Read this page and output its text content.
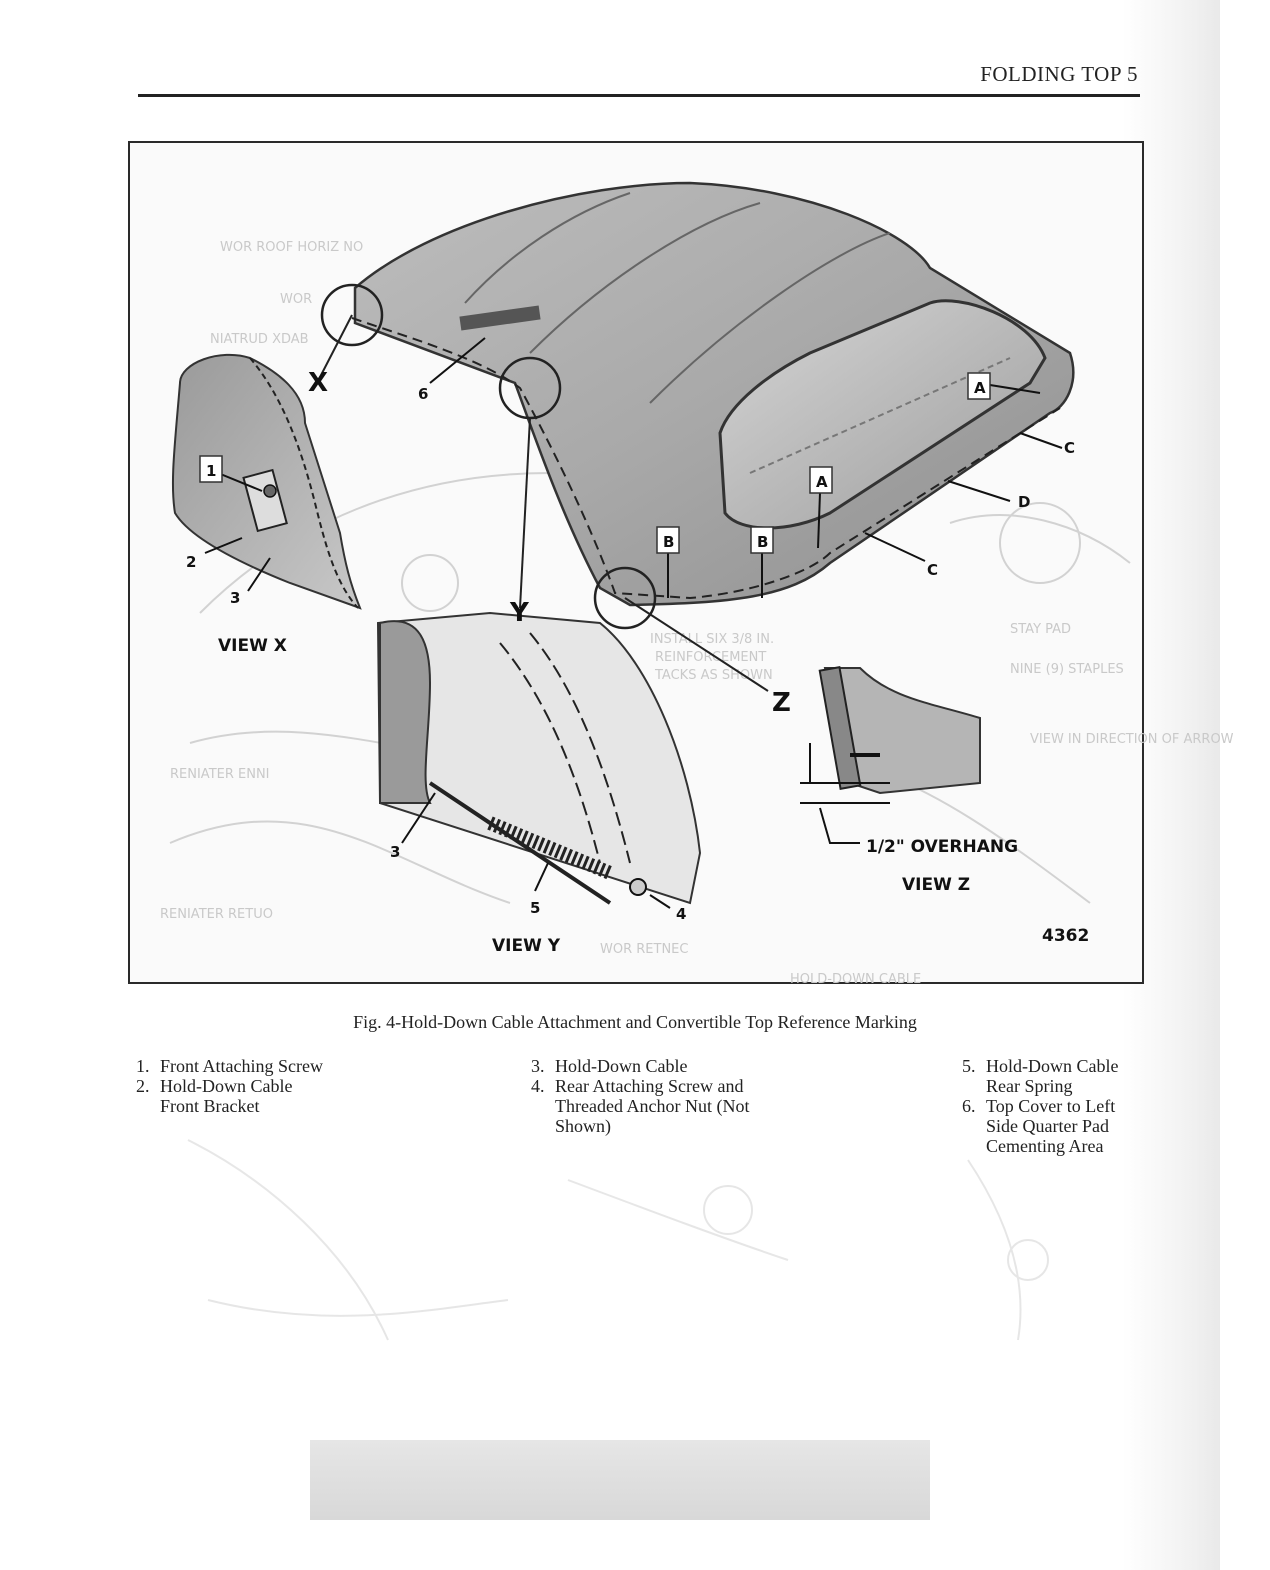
FOLDING TOP 5
WOR ROOF HORIZ NO
WOR
NIATRUD XDAB
INSTALL SIX 3/8 IN.
REINFORCEMENT
TACKS AS SHOWN
RENIATER ENNI
RENIATER RETUO
WOR RETNEC
HOLD-DOWN CABLE
STAY PAD
NINE (9) STAPLES
VIEW IN DIRECTION OF ARROW
X
Y
Z
A
A
B	B
C
C
D
6
1
2
3
3
4
5
VIEW X
VIEW Y
VIEW Z
1/2" OVERHANG
4362
Fig. 4-Hold-Down Cable Attachment and Convertible Top Reference Marking
1. Front Attaching Screw
2. Hold-Down Cable Front Bracket
3. Hold-Down Cable
4. Rear Attaching Screw and Threaded Anchor Nut (Not Shown)
5. Hold-Down Cable Rear Spring
6. Top Cover to Left Side Quarter Pad Cementing Area
